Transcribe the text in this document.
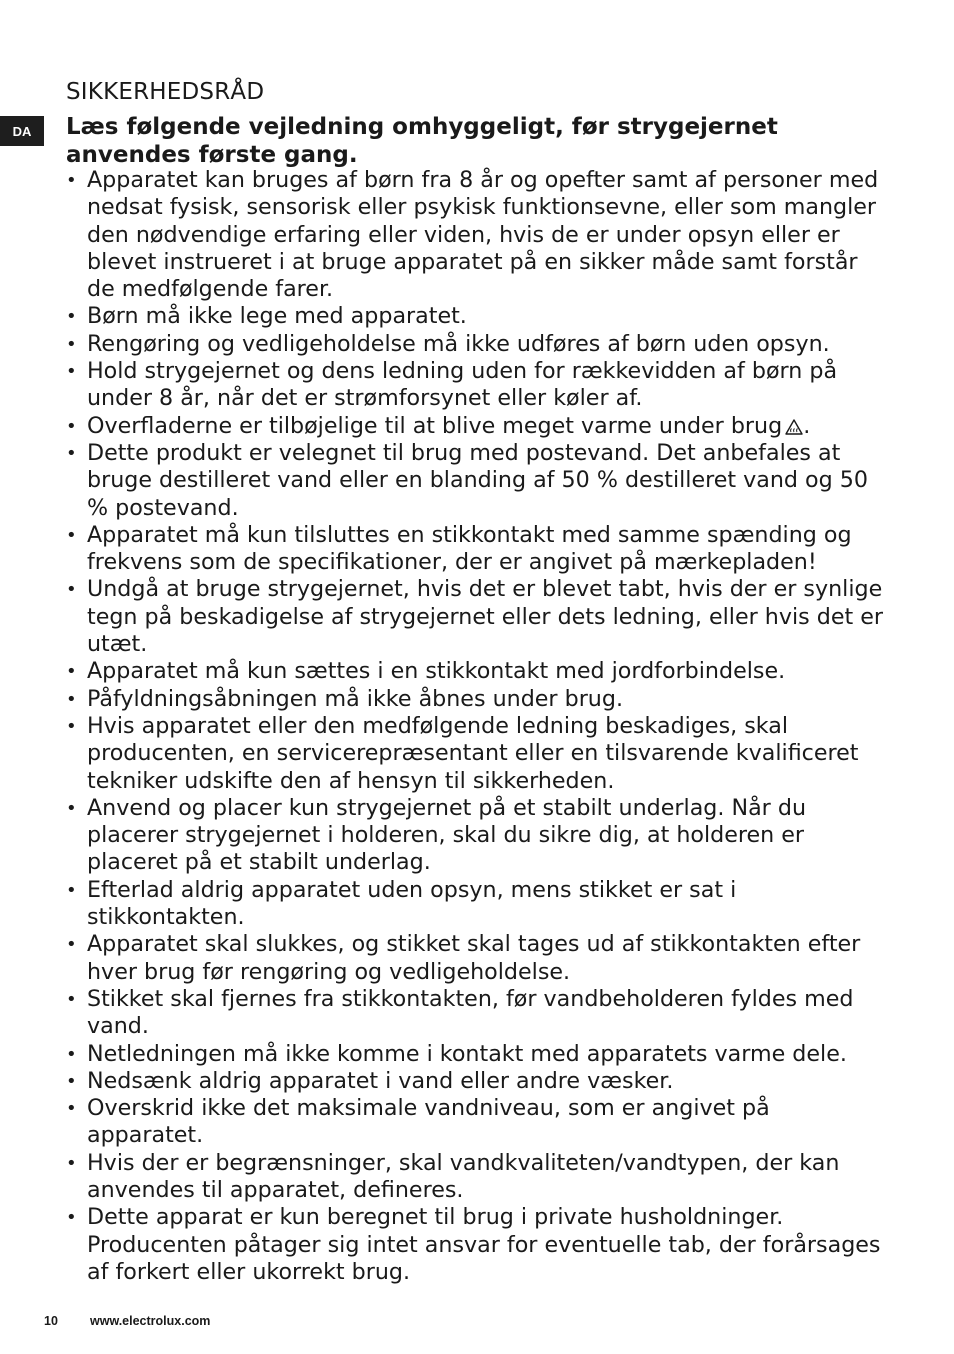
DA
SIKKERHEDSRÅD

Læs følgende vejledning omhyggeligt, før strygejernet anvendes første gang.

• Apparatet kan bruges af børn fra 8 år og opefter samt af personer med nedsat fysisk, sensorisk eller psykisk funktionsevne, eller som mangler den nødvendige erfaring eller viden, hvis de er under opsyn eller er blevet instrueret i at bruge apparatet på en sikker måde samt forstår de medfølgende farer.
• Børn må ikke lege med apparatet.
• Rengøring og vedligeholdelse må ikke udføres af børn uden opsyn.
• Hold strygejernet og dens ledning uden for rækkevidden af børn på under 8 år, når det er strømforsynet eller køler af.
• Overfladerne er tilbøjelige til at blive meget varme under brug .
• Dette produkt er velegnet til brug med postevand. Det anbefales at bruge destilleret vand eller en blanding af 50 % destilleret vand og 50 % postevand.
• Apparatet må kun tilsluttes en stikkontakt med samme spænding og frekvens som de specifikationer, der er angivet på mærkepladen!
• Undgå at bruge strygejernet, hvis det er blevet tabt, hvis der er synlige tegn på beskadigelse af strygejernet eller dets ledning, eller hvis det er utæt.
• Apparatet må kun sættes i en stikkontakt med jordforbindelse.
• Påfyldningsåbningen må ikke åbnes under brug.
• Hvis apparatet eller den medfølgende ledning beskadiges, skal producenten, en servicerepræsentant eller en tilsvarende kvalificeret tekniker udskifte den af hensyn til sikkerheden.
• Anvend og placer kun strygejernet på et stabilt underlag. Når du placerer strygejernet i holderen, skal du sikre dig, at holderen er placeret på et stabilt underlag.
• Efterlad aldrig apparatet uden opsyn, mens stikket er sat i stikkontakten.
• Apparatet skal slukkes, og stikket skal tages ud af stikkontakten efter hver brug før rengøring og vedligeholdelse.
• Stikket skal fjernes fra stikkontakten, før vandbeholderen fyldes med vand.
• Netledningen må ikke komme i kontakt med apparatets varme dele.
• Nedsænk aldrig apparatet i vand eller andre væsker.
• Overskrid ikke det maksimale vandniveau, som er angivet på apparatet.
• Hvis der er begrænsninger, skal vandkvaliteten/vandtypen, der kan anvendes til apparatet, defineres.
• Dette apparat er kun beregnet til brug i private husholdninger. Producenten påtager sig intet ansvar for eventuelle tab, der forårsages af forkert eller ukorrekt brug.
10	www.electrolux.com
